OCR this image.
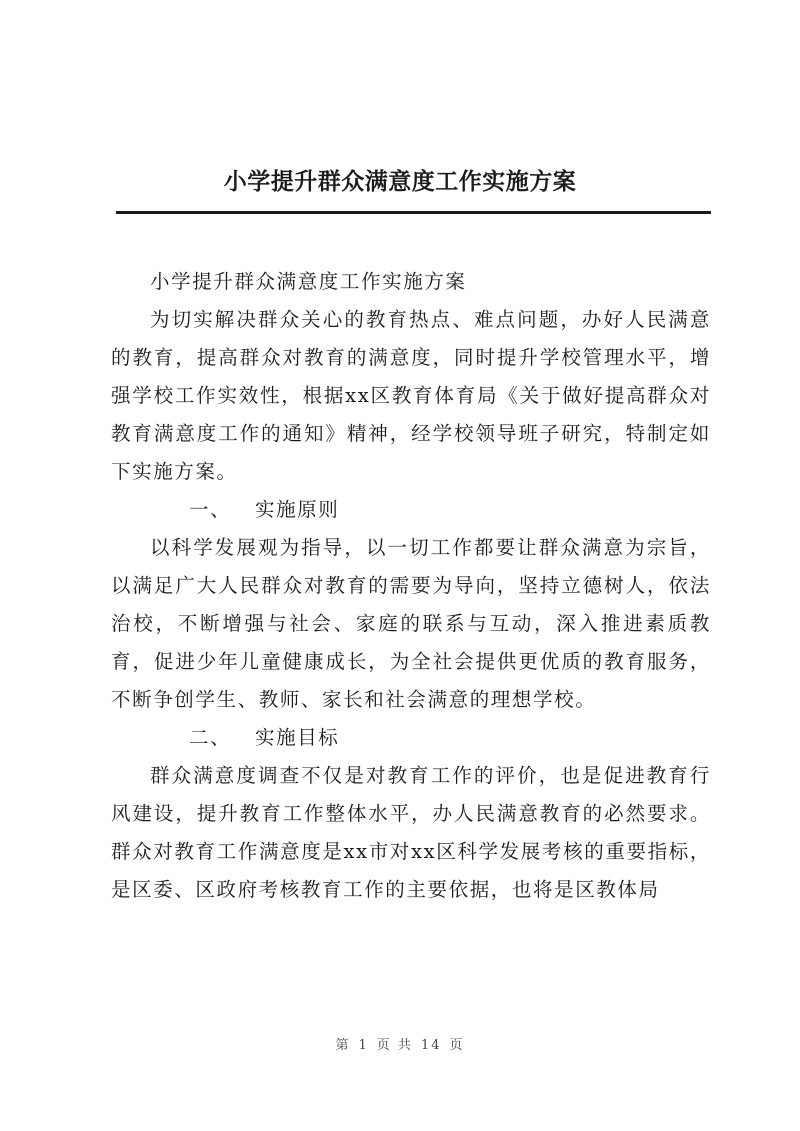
小学提升群众满意度工作实施方案

小学提升群众满意度工作实施方案

为切实解决群众关心的教育热点、难点问题，办好人民满意的教育，提高群众对教育的满意度，同时提升学校管理水平，增强学校工作实效性，根据xx区教育体育局《关于做好提高群众对教育满意度工作的通知》精神，经学校领导班子研究，特制定如下实施方案。

一、 实施原则

以科学发展观为指导，以一切工作都要让群众满意为宗旨，以满足广大人民群众对教育的需要为导向，坚持立德树人，依法治校，不断增强与社会、家庭的联系与互动，深入推进素质教育，促进少年儿童健康成长，为全社会提供更优质的教育服务，不断争创学生、教师、家长和社会满意的理想学校。

二、 实施目标

群众满意度调查不仅是对教育工作的评价，也是促进教育行风建设，提升教育工作整体水平，办人民满意教育的必然要求。群众对教育工作满意度是xx市对xx区科学发展考核的重要指标，是区委、区政府考核教育工作的主要依据，也将是区教体局

第 1 页 共 14 页
